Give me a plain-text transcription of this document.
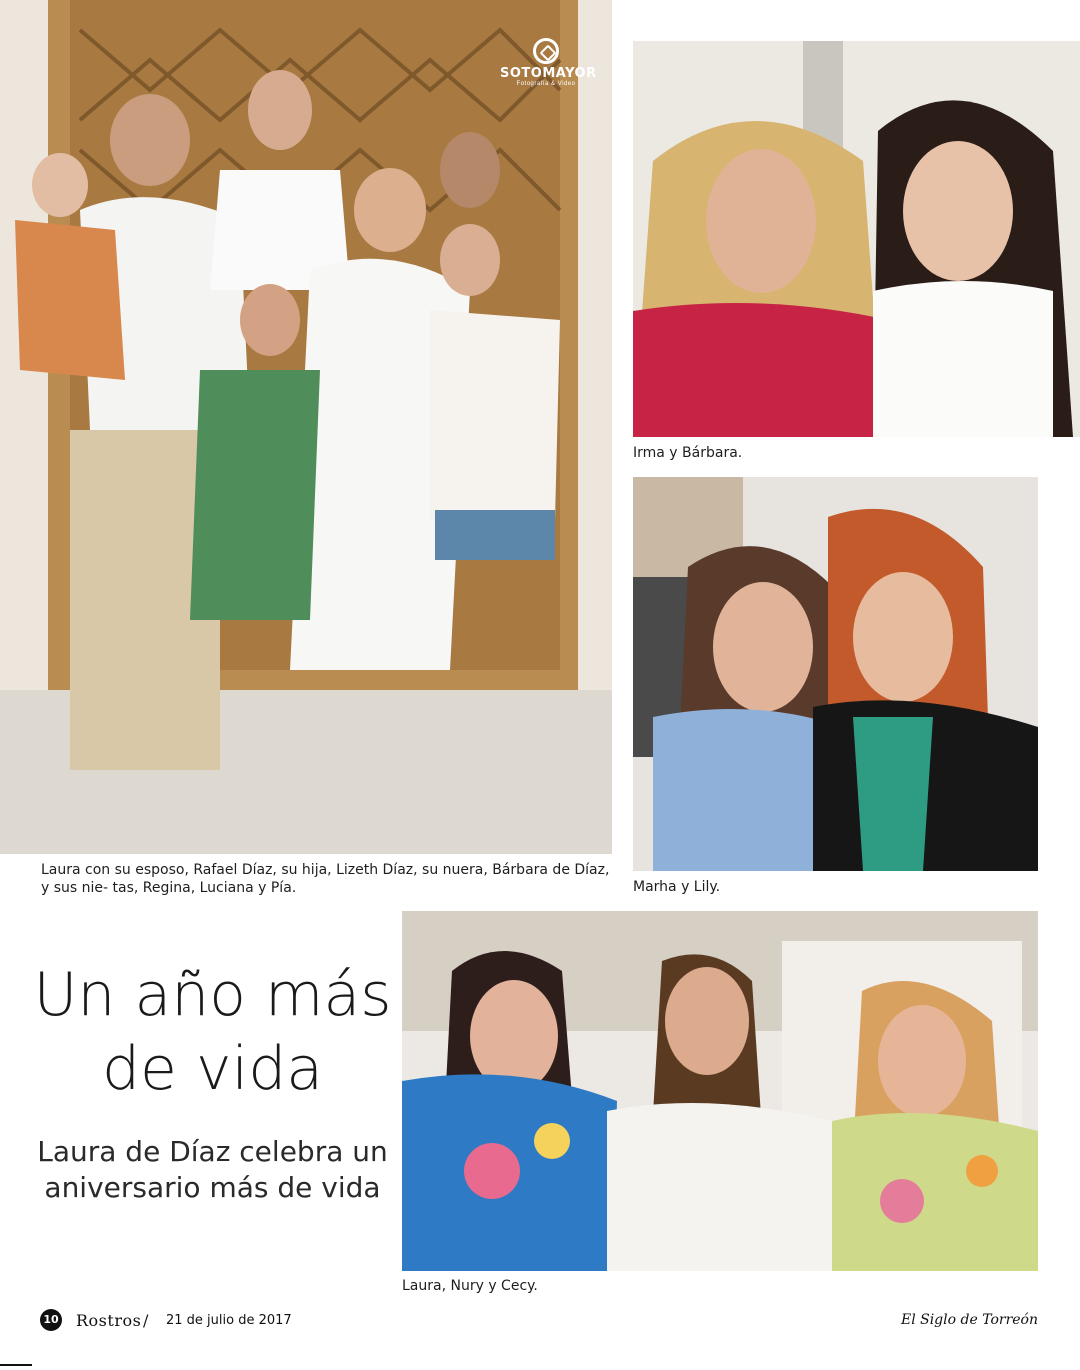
SOTOMAYOR
Fotografía & Video
Laura con su esposo, Rafael Díaz, su hija, Lizeth Díaz, su nuera, Bárbara de Díaz, y sus nie- tas, Regina, Luciana y Pía.
Irma y Bárbara.
Marha y Lily.
Un año más de vida
Laura de Díaz celebra un aniversario más de vida
Laura, Nury y Cecy.
10 Rostros / 21 de julio de 2017	El Siglo de Torreón
